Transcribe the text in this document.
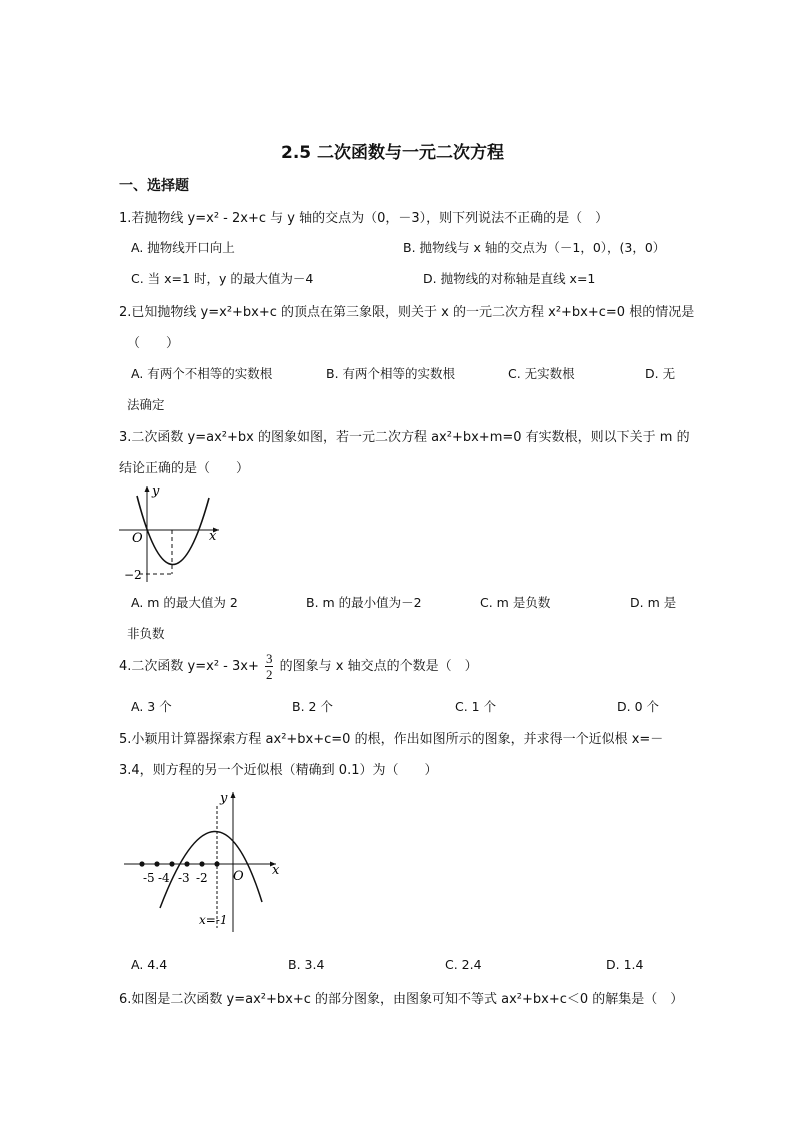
2.5 二次函数与一元二次方程
一、选择题
1.若抛物线 y=x² - 2x+c 与 y 轴的交点为（0，－3），则下列说法不正确的是（　）
A. 抛物线开口向上	B. 抛物线与 x 轴的交点为（－1，0），(3，0）
C. 当 x=1 时，y 的最大值为－4	D. 抛物线的对称轴是直线 x=1
2.已知抛物线 y=x²+bx+c 的顶点在第三象限，则关于 x 的一元二次方程 x²+bx+c=0 根的情况是
（　　）
A. 有两个不相等的实数根	B. 有两个相等的实数根	C. 无实数根	D. 无
法确定
3.二次函数 y=ax²+bx 的图象如图，若一元二次方程 ax²+bx+m=0 有实数根，则以下关于 m 的
结论正确的是（　　）
y
x
O
−2
A. m 的最大值为 2	B. m 的最小值为－2	C. m 是负数	D. m 是
非负数
4.二次函数 $y=x^2 - 3x+ \frac{3}{2}$ 的图象与 x 轴交点的个数是（　）
A. 3 个	B. 2 个	C. 1 个	D. 0 个
5.小颖用计算器探索方程 ax²+bx+c=0 的根，作出如图所示的图象，并求得一个近似根 x=－
3.4，则方程的另一个近似根（精确到 0.1）为（　　）
y
x
O
-5 -4 -3 -2
x=-1
A. 4.4	B. 3.4	C. 2.4	D. 1.4
6.如图是二次函数 y=ax²+bx+c 的部分图象，由图象可知不等式 ax²+bx+c＜0 的解集是（　）
